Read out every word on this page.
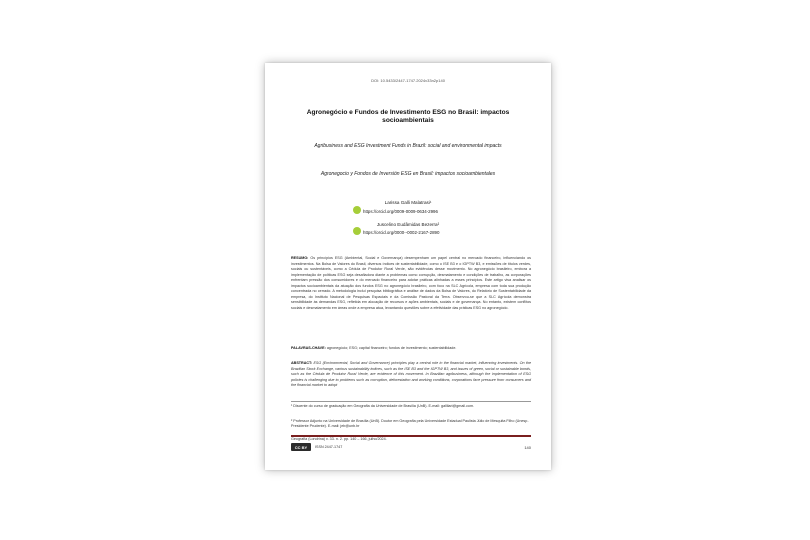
DOI: 10.5433/2447-1747.2024v33n2p140
Agronegócio e Fundos de Investimento ESG no Brasil: impactos socioambientais
Agribusiness and ESG Investment Funds in Brazil: social and environmental impacts
Agronegocio y Fondos de Inversión ESG en Brasil: impactos socioambientales
Larissa Galli Malatrasi¹
https://orcid.org/0009-0009-0634-2996
Juscelino Eudâmidas Bezerra²
https://orcid.org/0000--0002-2167-2890
RESUMO: Os princípios ESG (Ambiental, Social e Governança) desempenham um papel central no mercado financeiro, influenciando os investimentos. Na Bolsa de Valores do Brasil, diversos índices de sustentabilidade, como o ISE B3 e o IGPTW B3, e emissões de títulos verdes, sociais ou sustentáveis, como a Cédula de Produtor Rural Verde, são evidências desse movimento. No agronegócio brasileiro, embora a implementação de políticas ESG seja desafiadora diante a problemas como corrupção, desmatamento e condições de trabalho, as corporações enfrentam pressão dos consumidores e do mercado financeiro para adotar práticas alinhadas a esses princípios. Este artigo visa analisar os impactos socioambientais da atuação dos fundos ESG no agronegócio brasileiro, com foco na SLC Agrícola, empresa com toda sua produção concentrada no cerrado. A metodologia inclui pesquisa bibliográfica e análise de dados da Bolsa de Valores, do Relatório de Sustentabilidade da empresa, do Instituto Nacional de Pesquisas Espaciais e da Comissão Pastoral da Terra. Observou-se que a SLC Agrícola demonstra sensibilidade às demandas ESG, refletida em alocação de recursos e ações ambientais, sociais e de governança. No entanto, existem conflitos sociais e desmatamento em áreas onde a empresa atua, levantando questões sobre a efetividade das práticas ESG no agronegócio.
PALAVRAS-CHAVE: agronegócio; ESG; capital financeiro; fundos de investimento; sustentabilidade.
ABSTRACT: ESG (Environmental, Social and Governance) principles play a central role in the financial market, influencing investments. On the Brazilian Stock Exchange, various sustainability indices, such as the ISE B3 and the IGPTW B3, and issues of green, social or sustainable bonds, such as the Cédula de Produtor Rural Verde, are evidence of this movement. In Brazilian agribusiness, although the implementation of ESG policies is challenging due to problems such as corruption, deforestation and working conditions, corporations face pressure from consumers and the financial market to adopt
¹ Discente do curso de graduação em Geografia da Universidade de Brasília (UnB). E-mail: gallilari@gmail.com.
² Professor Adjunto na Universidade de Brasília (UnB). Doutor em Geografia pela Universidade Estadual Paulista Júlio de Mesquita Filho (Unesp-Presidente Prudente). E-mail: jeb@unb.br
Geografia (Londrina) v. 33. n. 2. pp. 140 – 166, julho/2024.
CC BY	ISSN 2447-1747	140
